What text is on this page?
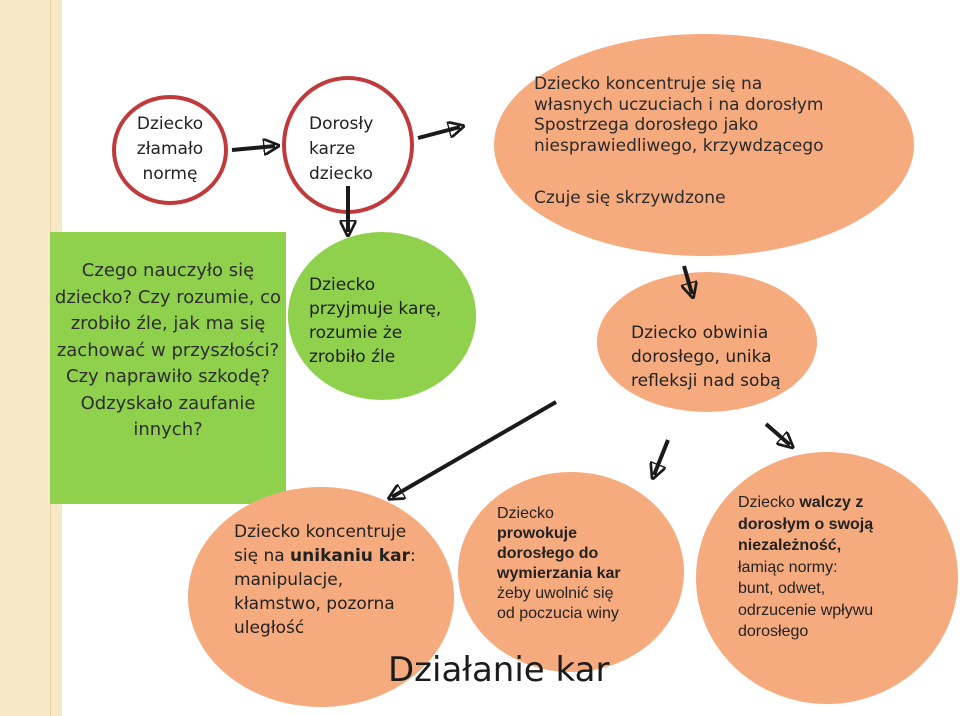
Dziecko
złamało
normę
Dorosły
karze
dziecko
Dziecko koncentruje się na
własnych uczuciach i na dorosłym
Spostrzega dorosłego jako
niesprawiedliwego, krzywdzącego
Czuje się skrzywdzone
Czego nauczyło się dziecko? Czy rozumie, co zrobiło źle, jak ma się zachować w przyszłości? Czy naprawiło szkodę? Odzyskało zaufanie innych?
Dziecko
przyjmuje karę,
rozumie że
zrobiło źle
Dziecko obwinia
dorosłego, unika
refleksji nad sobą
Dziecko koncentruje
się na unikaniu kar:
manipulacje,
kłamstwo, pozorna
uległość
Dziecko
prowokuje
dorosłego do
wymierzania kar
żeby uwolnić się
od poczucia winy
Dziecko walczy z
dorosłym o swoją
niezależność,
łamiąc normy:
bunt, odwet,
odrzucenie wpływu
dorosłego
Działanie kar
